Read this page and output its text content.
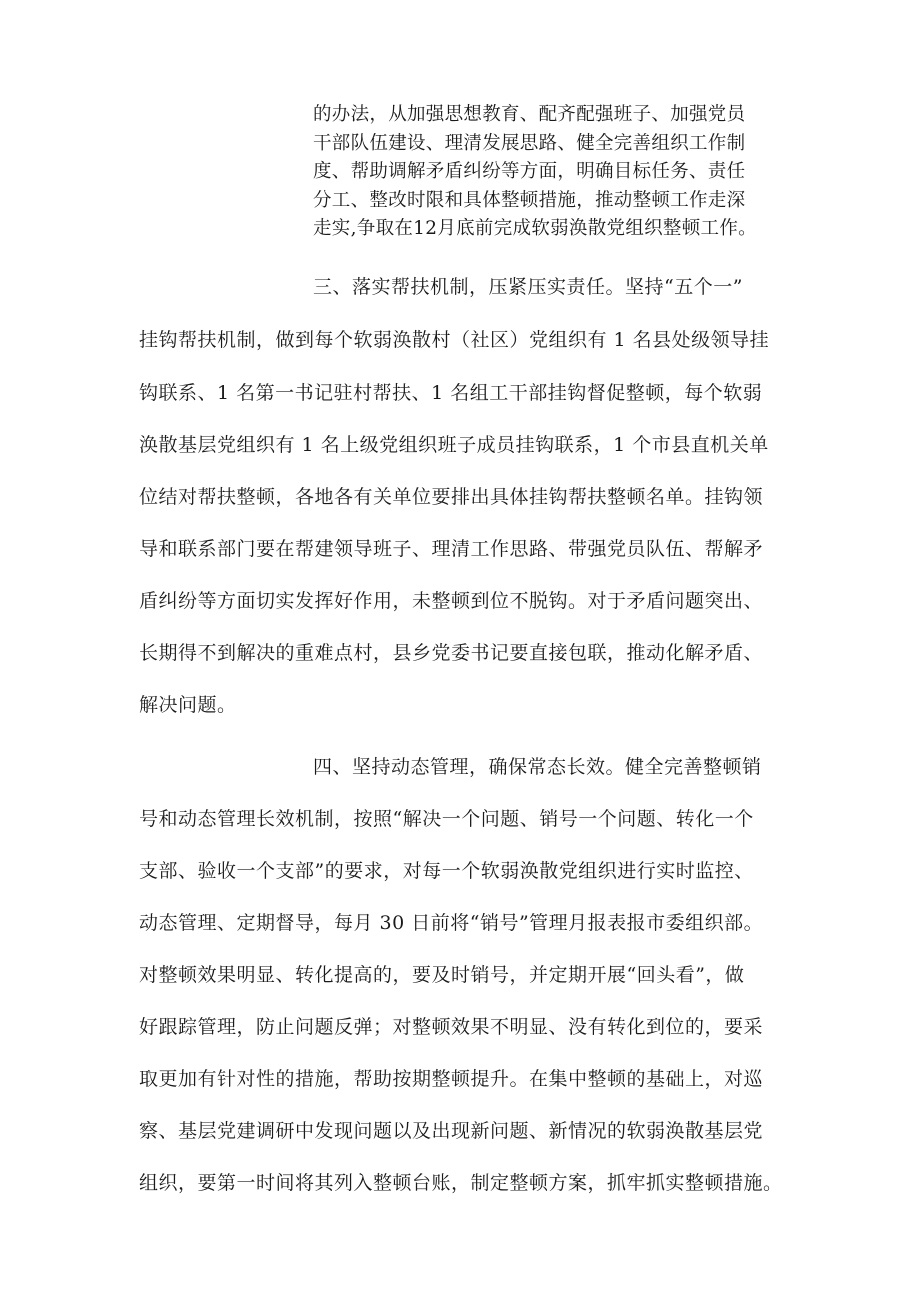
的办法，从加强思想教育、配齐配强班子、加强党员
干部队伍建设、理清发展思路、健全完善组织工作制
度、帮助调解矛盾纠纷等方面，明确目标任务、责任
分工、整改时限和具体整顿措施，推动整顿工作走深
走实,争取在12月底前完成软弱涣散党组织整顿工作。
三、落实帮扶机制，压紧压实责任。坚持“五个一”
挂钩帮扶机制，做到每个软弱涣散村（社区）党组织有 1 名县处级领导挂
钩联系、1 名第一书记驻村帮扶、1 名组工干部挂钩督促整顿，每个软弱
涣散基层党组织有 1 名上级党组织班子成员挂钩联系，1 个市县直机关单
位结对帮扶整顿，各地各有关单位要排出具体挂钩帮扶整顿名单。挂钩领
导和联系部门要在帮建领导班子、理清工作思路、带强党员队伍、帮解矛
盾纠纷等方面切实发挥好作用，未整顿到位不脱钩。对于矛盾问题突出、
长期得不到解决的重难点村，县乡党委书记要直接包联，推动化解矛盾、
解决问题。
四、坚持动态管理，确保常态长效。健全完善整顿销
号和动态管理长效机制，按照“解决一个问题、销号一个问题、转化一个
支部、验收一个支部”的要求，对每一个软弱涣散党组织进行实时监控、
动态管理、定期督导，每月 30 日前将“销号”管理月报表报市委组织部。
对整顿效果明显、转化提高的，要及时销号，并定期开展“回头看”，做
好跟踪管理，防止问题反弹；对整顿效果不明显、没有转化到位的，要采
取更加有针对性的措施，帮助按期整顿提升。在集中整顿的基础上，对巡
察、基层党建调研中发现问题以及出现新问题、新情况的软弱涣散基层党
组织，要第一时间将其列入整顿台账，制定整顿方案，抓牢抓实整顿措施。
